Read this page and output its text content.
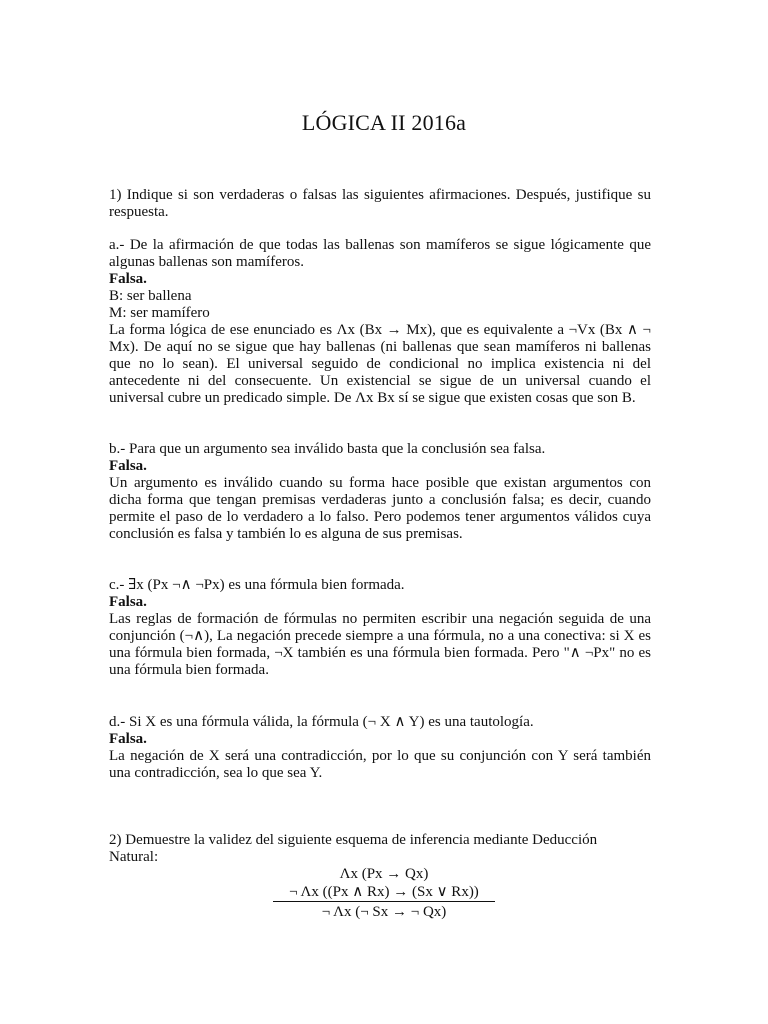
LÓGICA II 2016a

1) Indique si son verdaderas o falsas las siguientes afirmaciones. Después, justifique su respuesta.

a.- De la afirmación de que todas las ballenas son mamíferos se sigue lógicamente que algunas ballenas son mamíferos.

Falsa.
B: ser ballena
M: ser mamífero

La forma lógica de ese enunciado es Λx (Bx → Mx), que es equivalente a ¬Vx (Bx ∧ ¬ Mx). De aquí no se sigue que hay ballenas (ni ballenas que sean mamíferos ni ballenas que no lo sean). El universal seguido de condicional no implica existencia ni del antecedente ni del consecuente. Un existencial se sigue de un universal cuando el universal cubre un predicado simple. De Λx Bx sí se sigue que existen cosas que son B.

b.- Para que un argumento sea inválido basta que la conclusión sea falsa.
Falsa.

Un argumento es inválido cuando su forma hace posible que existan argumentos con dicha forma que tengan premisas verdaderas junto a conclusión falsa; es decir, cuando permite el paso de lo verdadero a lo falso. Pero podemos tener argumentos válidos cuya conclusión es falsa y también lo es alguna de sus premisas.

c.- ∃x (Px ¬∧ ¬Px) es una fórmula bien formada.
Falsa.

Las reglas de formación de fórmulas no permiten escribir una negación seguida de una conjunción (¬∧), La negación precede siempre a una fórmula, no a una conectiva: si X es una fórmula bien formada, ¬X también es una fórmula bien formada. Pero "∧ ¬Px" no es una fórmula bien formada.

d.- Si X es una fórmula válida, la fórmula (¬ X ∧ Y) es una tautología.
Falsa.

La negación de X será una contradicción, por lo que su conjunción con Y será también una contradicción, sea lo que sea Y.

2) Demuestre la validez del siguiente esquema de inferencia mediante Deducción Natural:

Λx (Px → Qx)
¬ Λx ((Px ∧ Rx) → (Sx ∨ Rx))
¬ Λx (¬ Sx → ¬ Qx)
